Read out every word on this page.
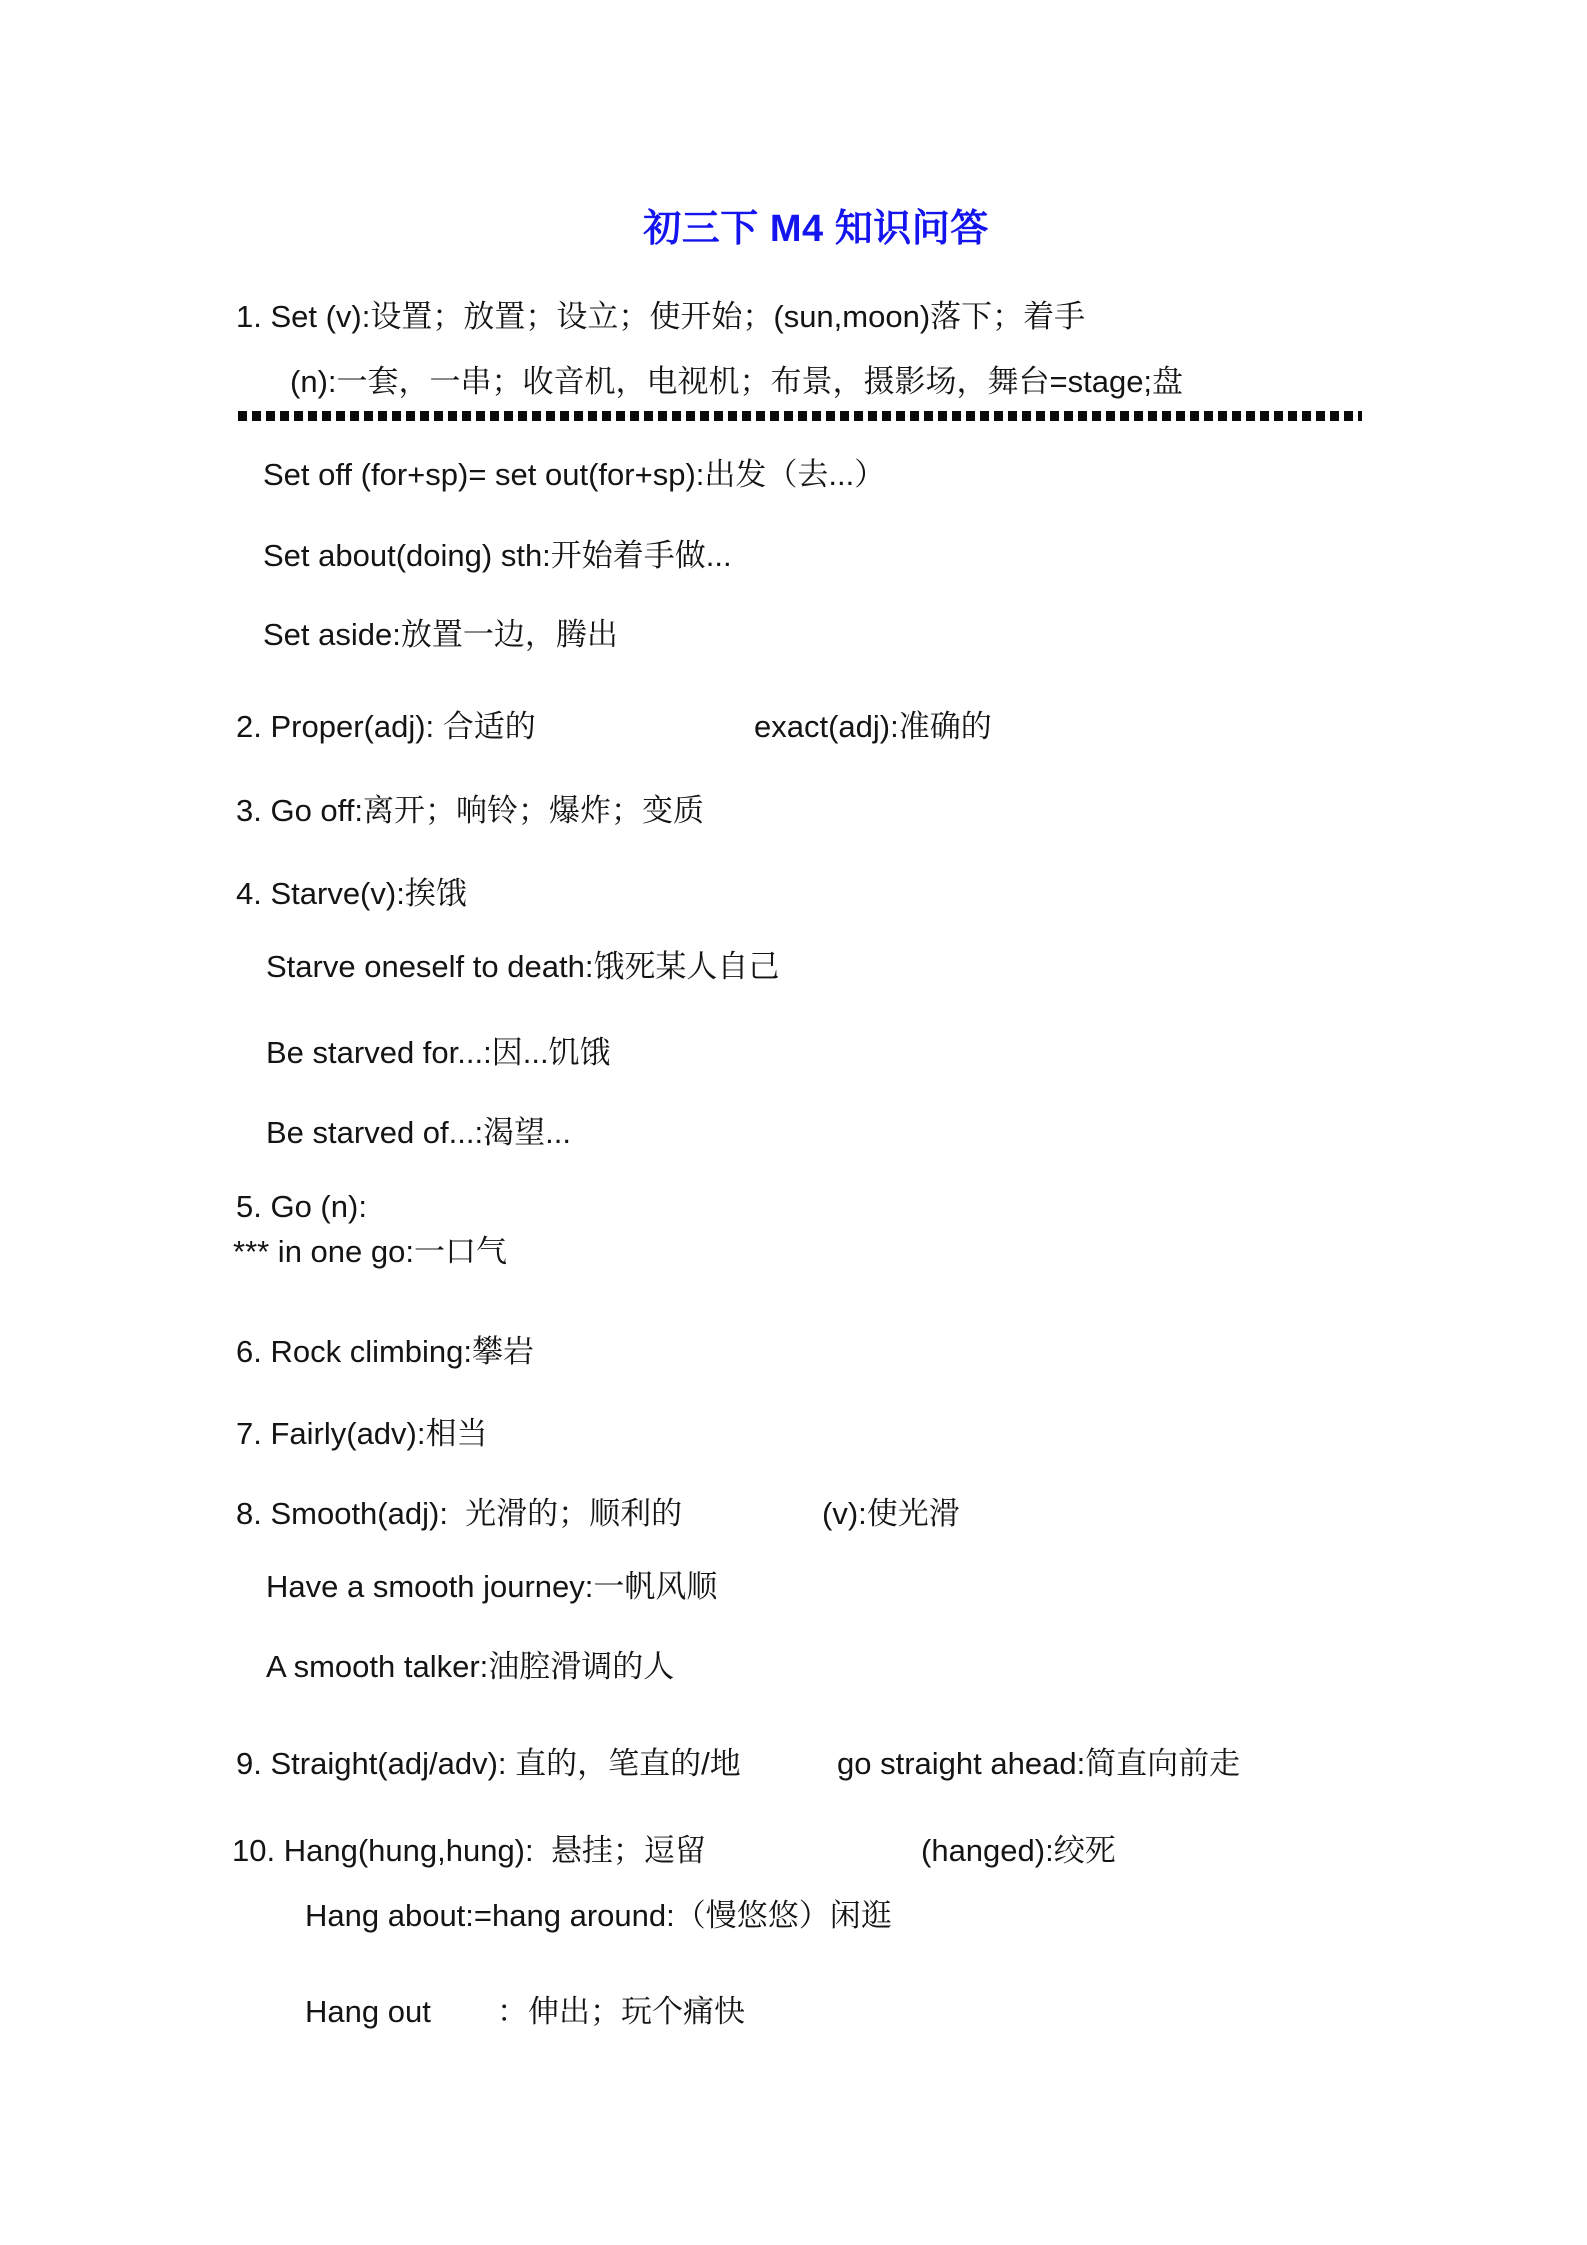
初三下 M4 知识问答
1. Set (v):设置；放置；设立；使开始；(sun,moon)落下；着手
(n):一套，一串；收音机，电视机；布景，摄影场，舞台=stage;盘
Set off (for+sp)= set out(for+sp):出发（去...）
Set about(doing) sth:开始着手做...
Set aside:放置一边，腾出
2. Proper(adj): 合适的	exact(adj):准确的
3. Go off:离开；响铃；爆炸；变质
4. Starve(v):挨饿
Starve oneself to death:饿死某人自己
Be starved for...:因...饥饿
Be starved of...:渴望...
5. Go (n):
*** in one go:一口气
6. Rock climbing:攀岩
7. Fairly(adv):相当
8. Smooth(adj):  光滑的；顺利的	(v):使光滑
Have a smooth journey:一帆风顺
A smooth talker:油腔滑调的人
9. Straight(adj/adv): 直的，笔直的/地	go straight ahead:简直向前走
10. Hang(hung,hung):  悬挂；逗留	(hanged):绞死
Hang about:=hang around:（慢悠悠）闲逛
Hang out ：伸出；玩个痛快
